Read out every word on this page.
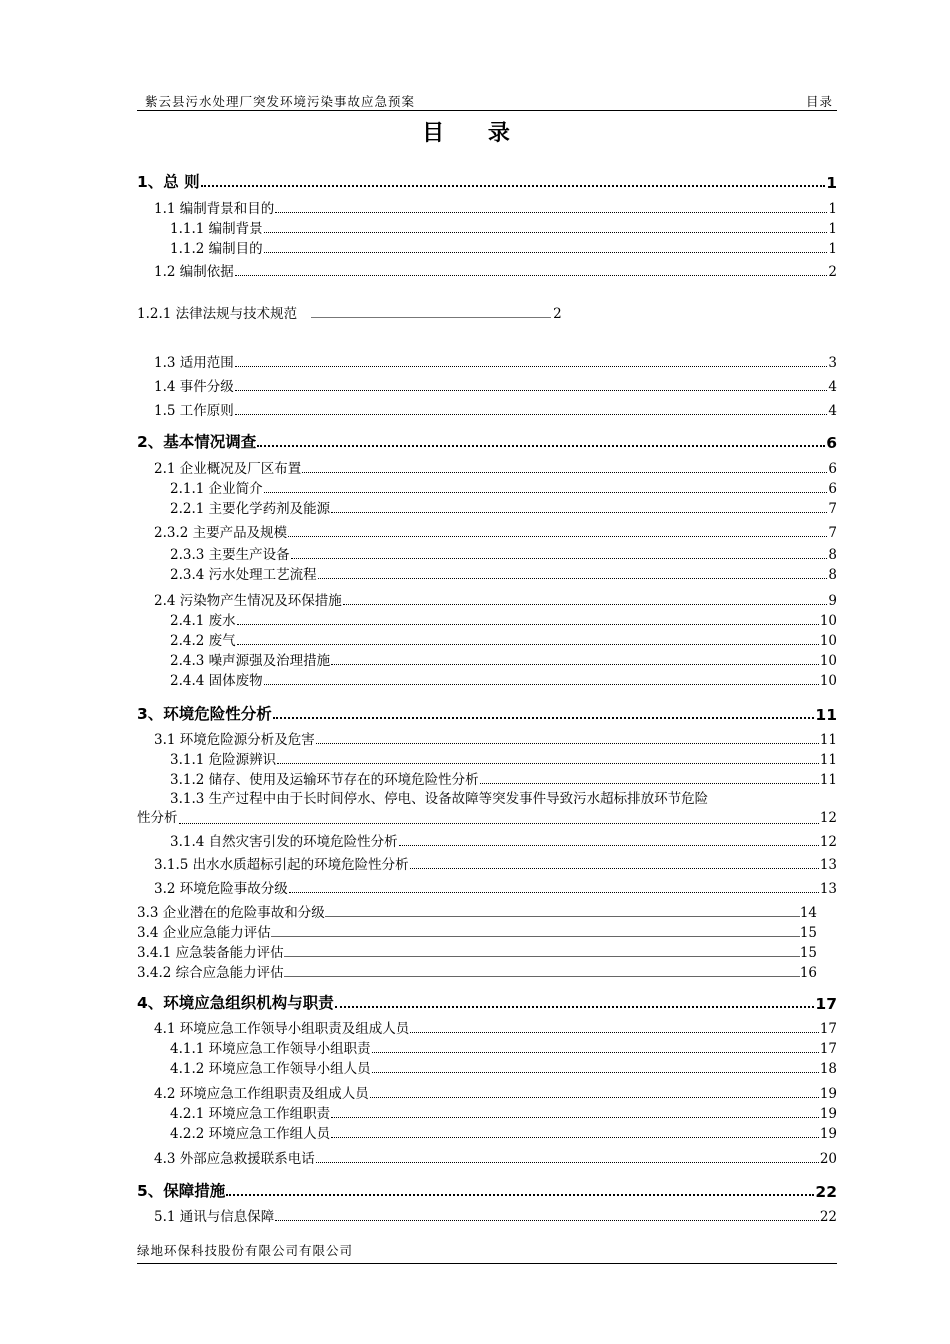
紫云县污水处理厂突发环境污染事故应急预案	目录
目 录
1、总 则	1
1.1 编制背景和目的	1
1.1.1 编制背景	1
1.1.2 编制目的	1
1.2 编制依据	2
1.2.1 法律法规与技术规范	2
1.3 适用范围	3
1.4 事件分级	4
1.5 工作原则	4
2、基本情况调查	6
2.1 企业概况及厂区布置	6
2.1.1 企业简介	6
2.2.1 主要化学药剂及能源	7
2.3.2 主要产品及规模	7
2.3.3 主要生产设备	8
2.3.4 污水处理工艺流程	8
2.4 污染物产生情况及环保措施	9
2.4.1 废水	10
2.4.2 废气	10
2.4.3 噪声源强及治理措施	10
2.4.4 固体废物	10
3、环境危险性分析	11
3.1 环境危险源分析及危害	11
3.1.1 危险源辨识	11
3.1.2 储存、使用及运输环节存在的环境危险性分析	11
3.1.3 生产过程中由于长时间停水、停电、设备故障等突发事件导致污水超标排放环节危险
性分析	12
3.1.4 自然灾害引发的环境危险性分析	12
3.1.5 出水水质超标引起的环境危险性分析	13
3.2 环境危险事故分级	13
3.3 企业潜在的危险事故和分级	14
3.4 企业应急能力评估	15
3.4.1 应急装备能力评估	15
3.4.2 综合应急能力评估	16
4、环境应急组织机构与职责	17
4.1 环境应急工作领导小组职责及组成人员	17
4.1.1 环境应急工作领导小组职责	17
4.1.2 环境应急工作领导小组人员	18
4.2 环境应急工作组职责及组成人员	19
4.2.1 环境应急工作组职责	19
4.2.2 环境应急工作组人员	19
4.3 外部应急救援联系电话	20
5、保障措施	22
5.1 通讯与信息保障	22
绿地环保科技股份有限公司有限公司
